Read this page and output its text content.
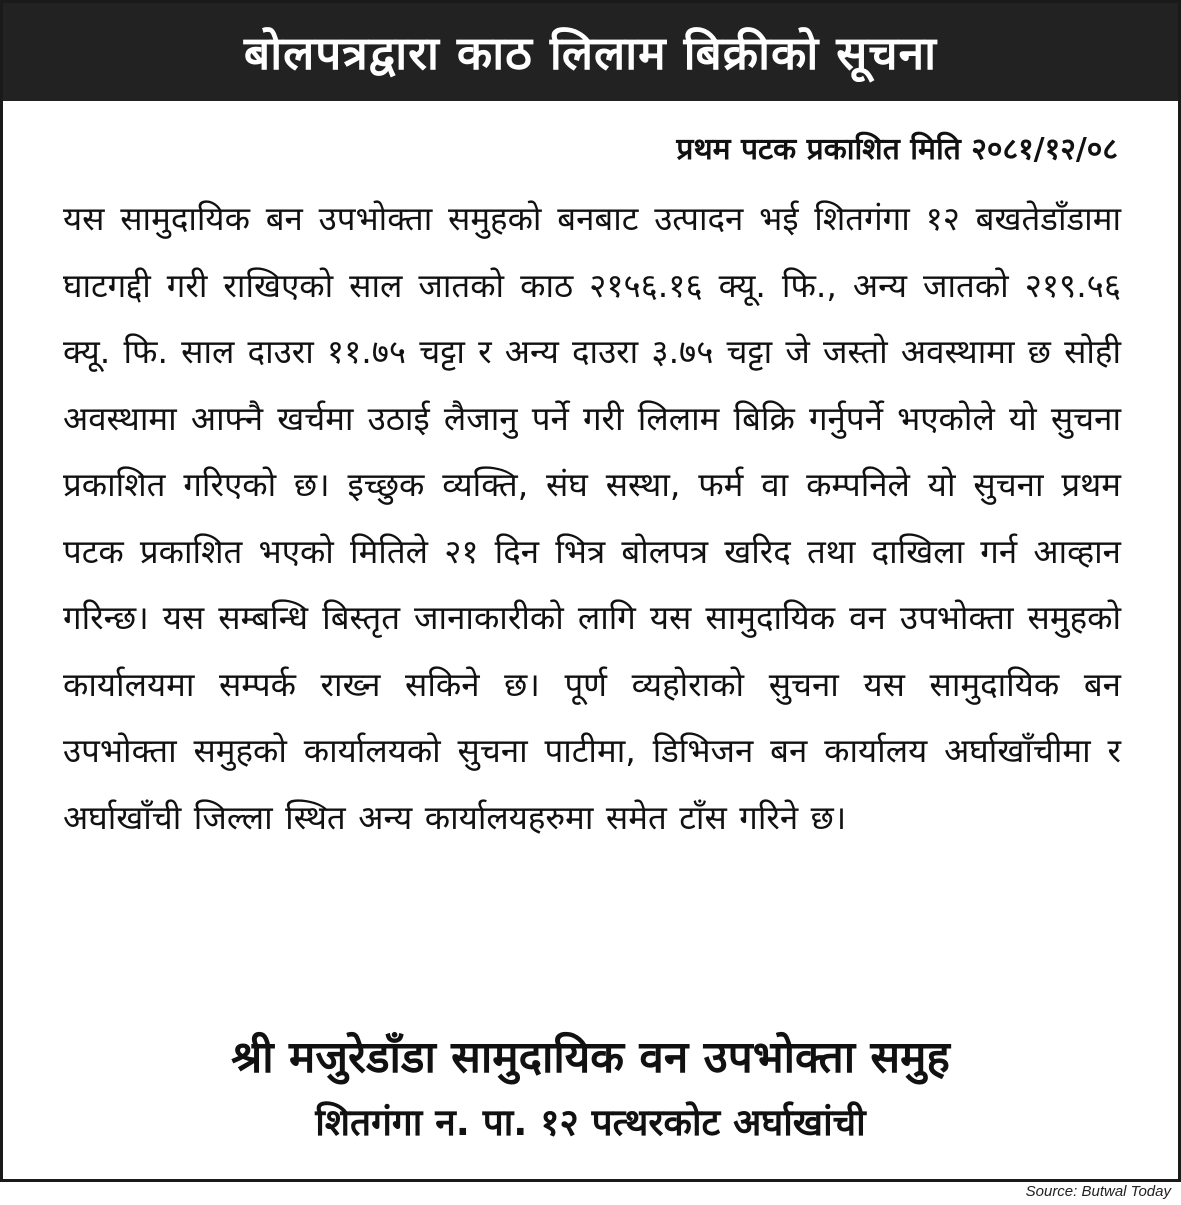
बोलपत्रद्वारा काठ लिलाम बिक्रीको सूचना
प्रथम पटक प्रकाशित मिति २०८१/१२/०८
यस सामुदायिक बन उपभोक्ता समुहको बनबाट उत्पादन भई शितगंगा १२ बखतेडाँडामा घाटगद्दी गरी राखिएको साल जातको काठ २१५६.१६ क्यू. फि., अन्य जातको २१९.५६ क्यू. फि. साल दाउरा ११.७५ चट्टा र अन्य दाउरा ३.७५ चट्टा जे जस्तो अवस्थामा छ सोही अवस्थामा आफ्नै खर्चमा उठाई लैजानु पर्ने गरी लिलाम बिक्रि गर्नुपर्ने भएकोले यो सुचना प्रकाशित गरिएको छ। इच्छुक व्यक्ति, संघ सस्था, फर्म वा कम्पनिले यो सुचना प्रथम पटक प्रकाशित भएको मितिले २१ दिन भित्र बोलपत्र खरिद तथा दाखिला गर्न आव्हान गरिन्छ। यस सम्बन्धि बिस्तृत जानाकारीको लागि यस सामुदायिक वन उपभोक्ता समुहको कार्यालयमा सम्पर्क राख्न सकिने छ। पूर्ण व्यहोराको सुचना यस सामुदायिक बन उपभोक्ता समुहको कार्यालयको सुचना पाटीमा, डिभिजन बन कार्यालय अर्घाखाँचीमा र अर्घाखाँची जिल्ला स्थित अन्य कार्यालयहरुमा समेत टाँस गरिने छ।
श्री मजुरेडाँडा सामुदायिक वन उपभोक्ता समुह
शितगंगा न. पा. १२ पत्थरकोट अर्घाखांची
Source: Butwal Today
